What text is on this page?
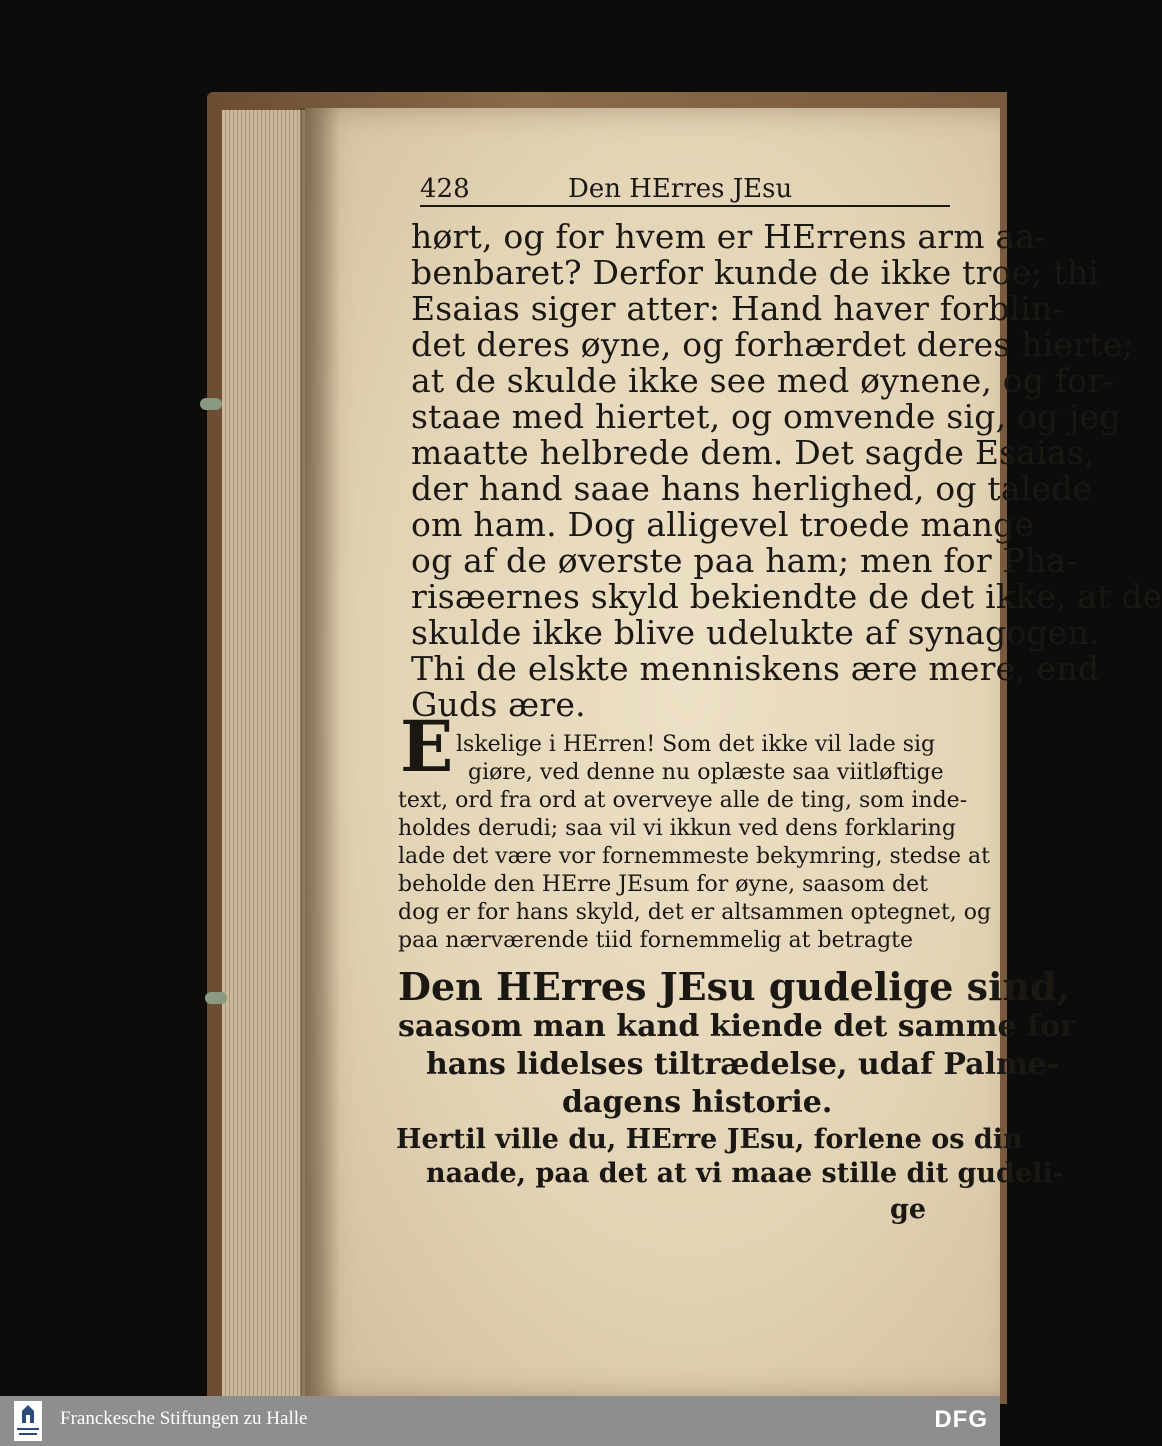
428	Den HErres JEsu
hørt, og for hvem er HErrens arm aa-
benbaret? Derfor kunde de ikke troe; thi
Esaias siger atter: Hand haver forblin-
det deres øyne, og forhærdet deres hierte;
at de skulde ikke see med øynene, og for-
staae med hiertet, og omvende sig, og jeg
maatte helbrede dem. Det sagde Esaias,
der hand saae hans herlighed, og talede
om ham. Dog alligevel troede mange
og af de øverste paa ham; men for Pha-
risæernes skyld bekiendte de det ikke, at de
skulde ikke blive udelukte af synagogen.
Thi de elskte menniskens ære mere, end
Guds ære.
E lskelige i HErren! Som det ikke vil lade sig
giøre, ved denne nu oplæste saa viitløftige
text, ord fra ord at overveye alle de ting, som inde-
holdes derudi; saa vil vi ikkun ved dens forklaring
lade det være vor fornemmeste bekymring, stedse at
beholde den HErre JEsum for øyne, saasom det
dog er for hans skyld, det er altsammen optegnet, og
paa nærværende tiid fornemmelig at betragte
Den HErres JEsu gudelige sind,
saasom man kand kiende det samme for
hans lidelses tiltrædelse, udaf Palme-
dagens historie.
Hertil ville du, HErre JEsu, forlene os din
naade, paa det at vi maae stille dit gudeli-
ge
Franckesche Stiftungen zu Halle	DFG
